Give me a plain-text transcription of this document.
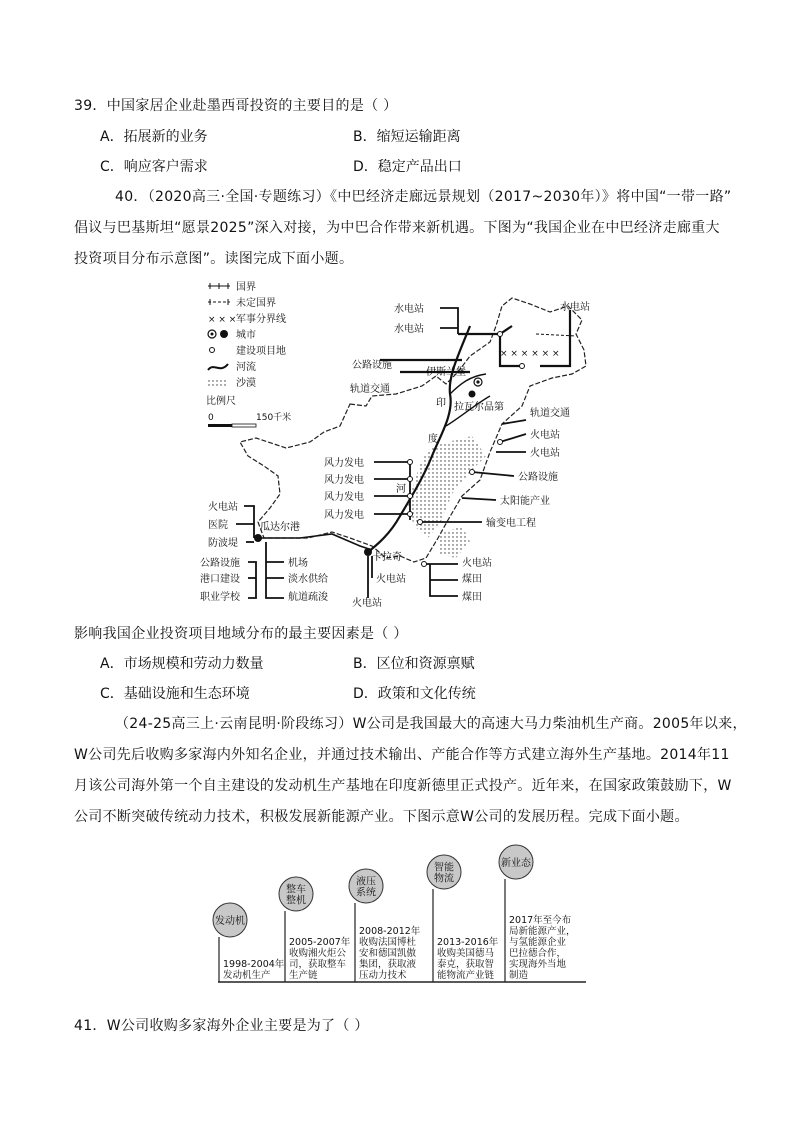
39．中国家居企业赴墨西哥投资的主要目的是（ ）
A．拓展新的业务	B．缩短运输距离
C．响应客户需求	D．稳定产品出口
40．（2020高三·全国·专题练习）《中巴经济走廊远景规划（2017~2030年）》将中国“一带一路”
倡议与巴基斯坦“愿景2025”深入对接，为中巴合作带来新机遇。下图为“我国企业在中巴经济走廊重大
投资项目分布示意图”。读图完成下面小题。
国界
未定国界
× × × 军事分界线
城市
建设项目地
河流
沙漠
比例尺
0	150千米
× × × × × ×
伊斯兰堡
拉瓦尔品第
瓜达尔港
卡拉奇
印
度
河
水电站
水电站
水电站
公路设施
轨道交通
轨道交通
火电站
火电站
公路设施
太阳能产业
输变电工程
风力发电
风力发电
风力发电
风力发电
火电站
煤田
煤田
火电站
火电站
火电站
医院
防波堤
公路设施
港口建设
职业学校
机场
淡水供给
航道疏浚
影响我国企业投资项目地域分布的最主要因素是（ ）
A．市场规模和劳动力数量	B．区位和资源禀赋
C．基础设施和生态环境	D．政策和文化传统
（24-25高三上·云南昆明·阶段练习）W公司是我国最大的高速大马力柴油机生产商。2005年以来，
W公司先后收购多家海内外知名企业，并通过技术输出、产能合作等方式建立海外生产基地。2014年11
月该公司海外第一个自主建设的发动机生产基地在印度新德里正式投产。近年来，在国家政策鼓励下，W
公司不断突破传统动力技术，积极发展新能源产业。下图示意W公司的发展历程。完成下面小题。
发动机
1998-2004年
发动机生产
整车
整机
2005-2007年
收购湘火炬公
司，获取整车
生产链
液压
系统
2008-2012年
收购法国博杜
安和德国凯傲
集团，获取液
压动力技术
智能
物流
2013-2016年
收购美国德马
泰克，获取智
能物流产业链
新业态
2017年至今布
局新能源产业，
与氢能源企业
巴拉德合作，
实现海外当地
制造
41．W公司收购多家海外企业主要是为了（ ）
